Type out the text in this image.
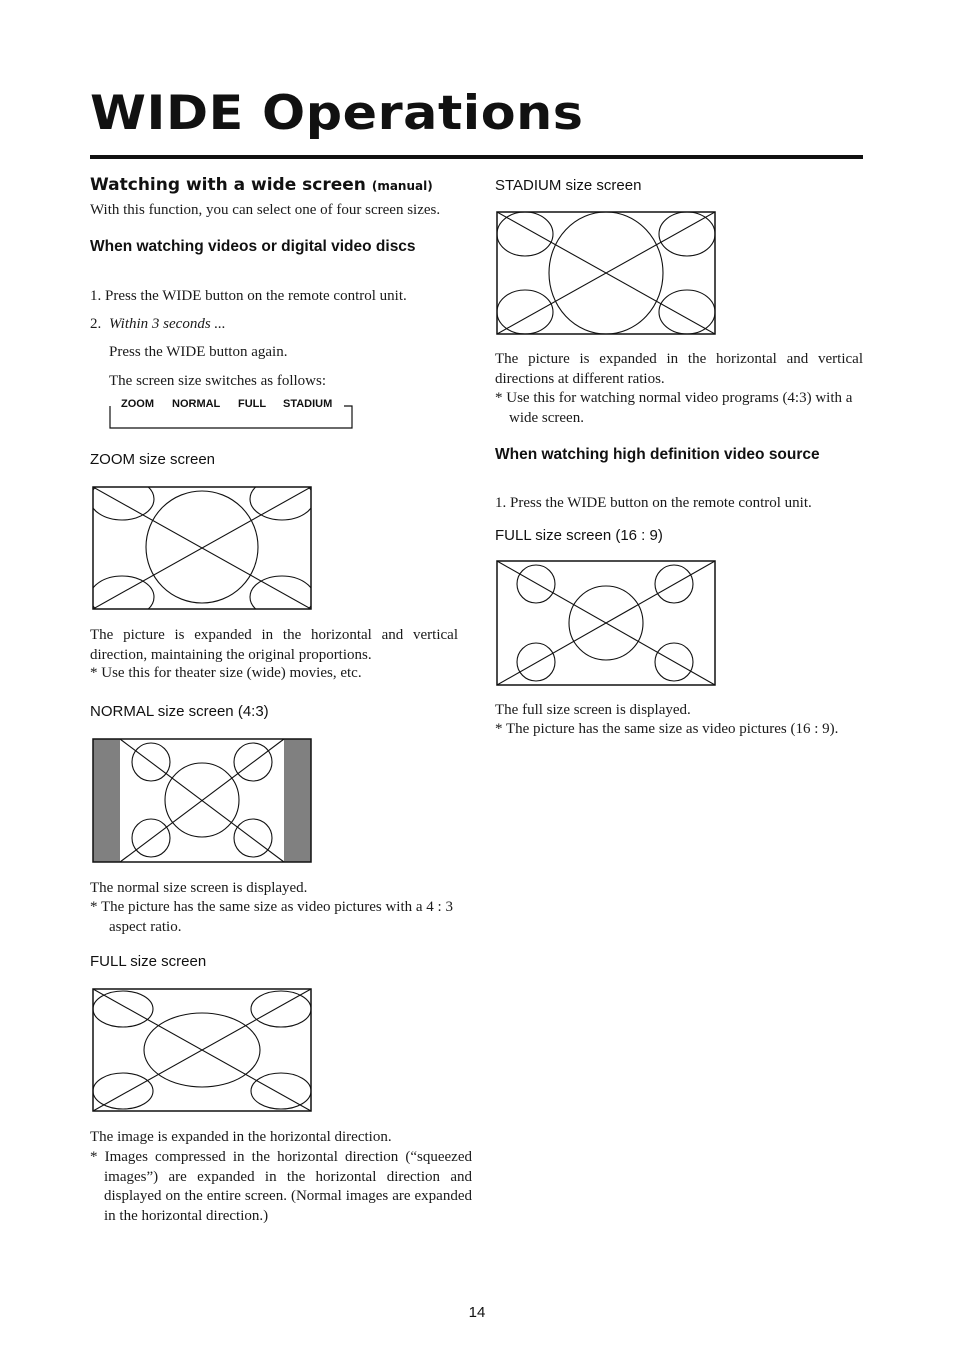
WIDE Operations
Watching with a wide screen (manual)
With this function, you can select one of four screen sizes.
When watching videos or digital video discs
1. Press the WIDE button on the remote control unit.
2. Within 3 seconds ...
Press the WIDE button again.
The screen size switches as follows:
ZOOM NORMAL FULL STADIUM
ZOOM size screen
The picture is expanded in the horizontal and vertical direction, maintaining the original proportions.
* Use this for theater size (wide) movies, etc.
NORMAL size screen (4:3)
The normal size screen is displayed.
* The picture has the same size as video pictures with a 4 : 3 aspect ratio.
FULL size screen
The image is expanded in the horizontal direction.
* Images compressed in the horizontal direction (“squeezed images”) are expanded in the horizontal direction and displayed on the entire screen. (Normal images are expanded in the horizontal direction.)
STADIUM size screen
The picture is expanded in the horizontal and vertical directions at different ratios.
* Use this for watching normal video programs (4:3) with a wide screen.
When watching high definition video source
1. Press the WIDE button on the remote control unit.
FULL size screen (16 : 9)
The full size screen is displayed.
* The picture has the same size as video pictures (16 : 9).
14
